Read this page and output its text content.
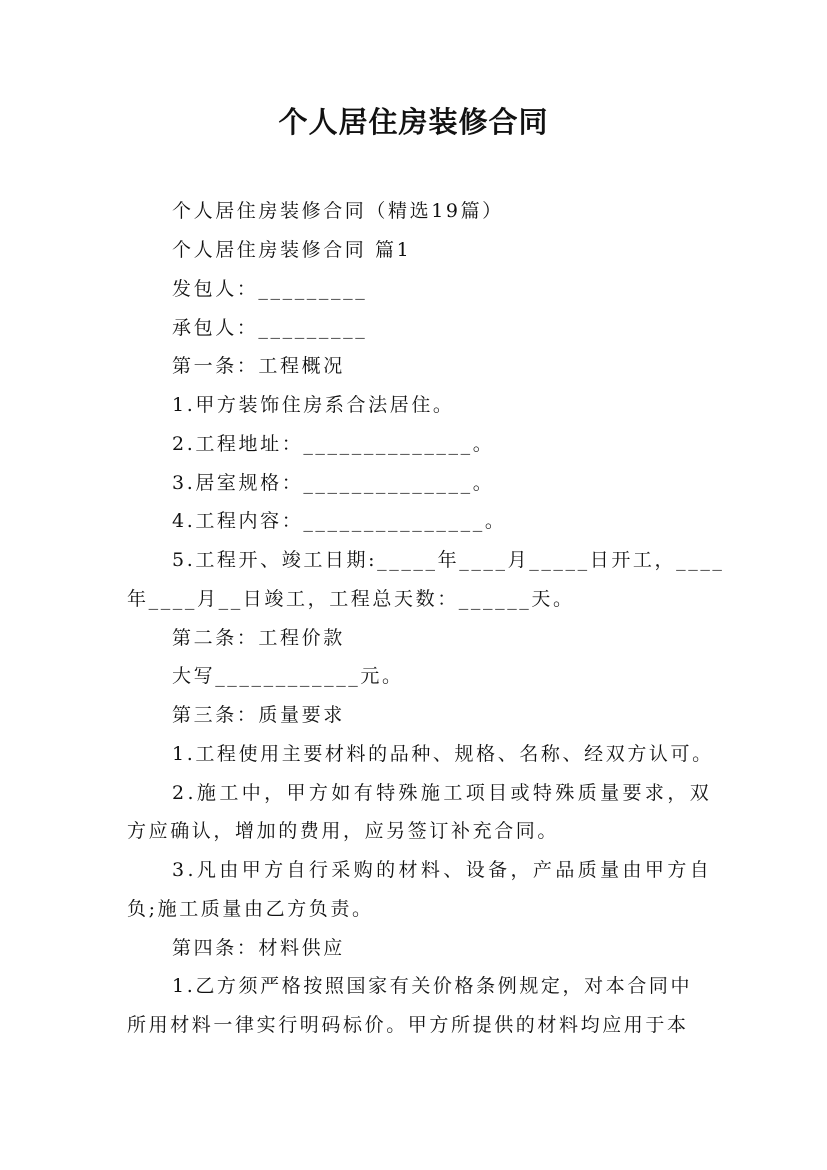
个人居住房装修合同
个人居住房装修合同（精选19篇）
个人居住房装修合同 篇1
发包人：_________
承包人：_________
第一条：工程概况
1.甲方装饰住房系合法居住。
2.工程地址：______________。
3.居室规格：______________。
4.工程内容：_______________。
5.工程开、竣工日期:_____年____月_____日开工，____
年____月__日竣工，工程总天数：______天。
第二条：工程价款
大写____________元。
第三条：质量要求
1.工程使用主要材料的品种、规格、名称、经双方认可。
2.施工中，甲方如有特殊施工项目或特殊质量要求，双
方应确认，增加的费用，应另签订补充合同。
3.凡由甲方自行采购的材料、设备，产品质量由甲方自
负;施工质量由乙方负责。
第四条：材料供应
1.乙方须严格按照国家有关价格条例规定，对本合同中
所用材料一律实行明码标价。甲方所提供的材料均应用于本
